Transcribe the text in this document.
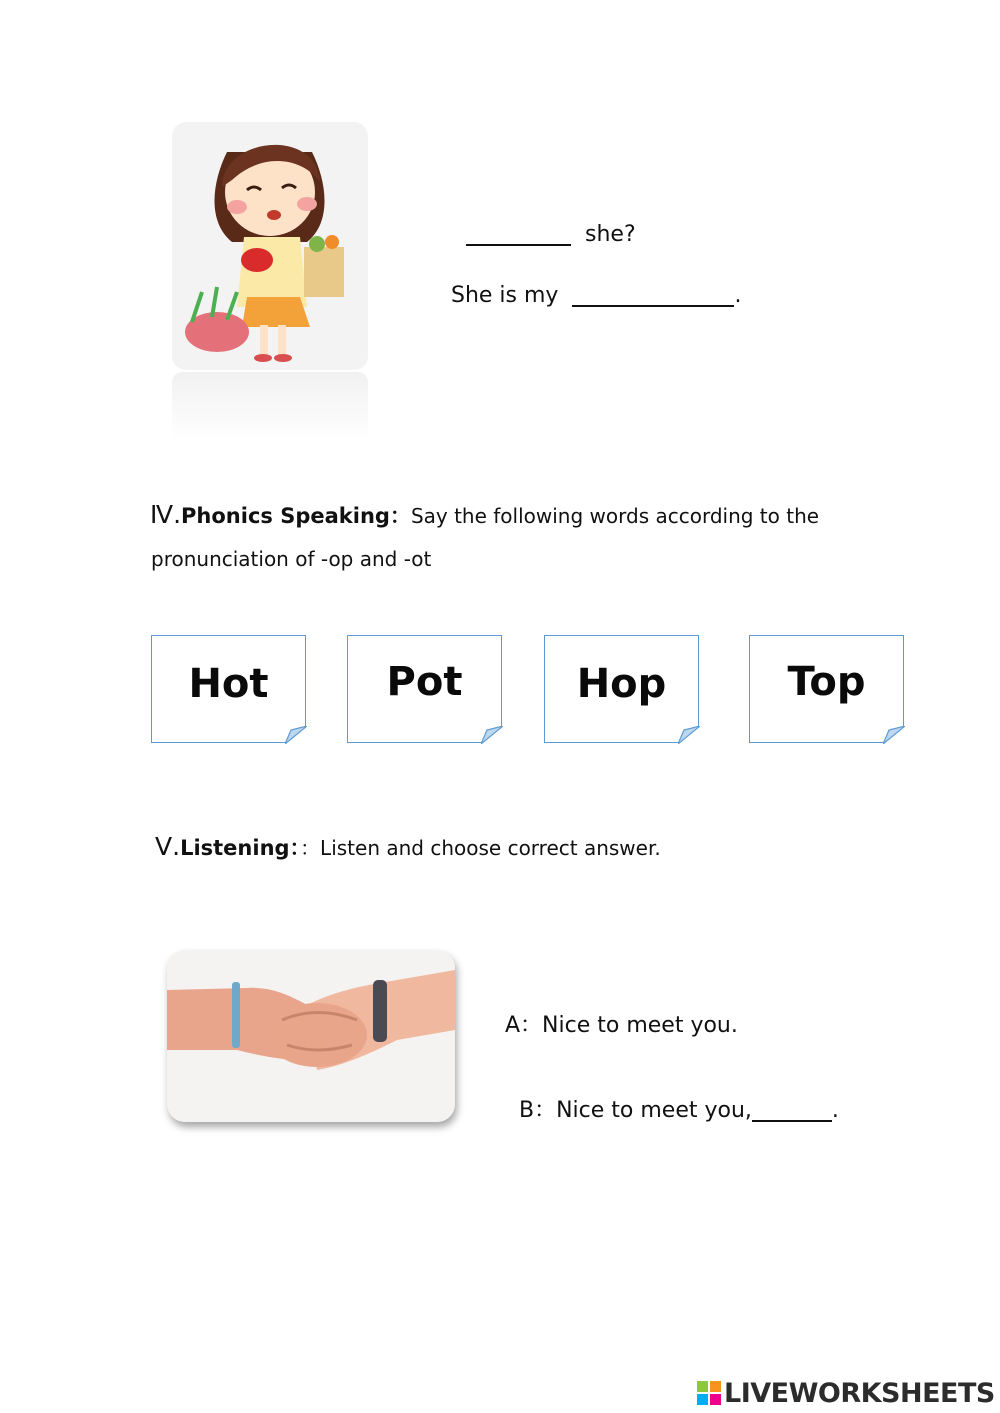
she?

She is my	.

Ⅳ.Phonics Speaking：Say the following words according to the
pronunciation of -op and -ot
Hot	Pot	Hop	Top
Ⅴ.Listening：：Listen and choose correct answer.
A：Nice to meet you.

B：Nice to meet you,	.

LIVEWORKSHEETS
